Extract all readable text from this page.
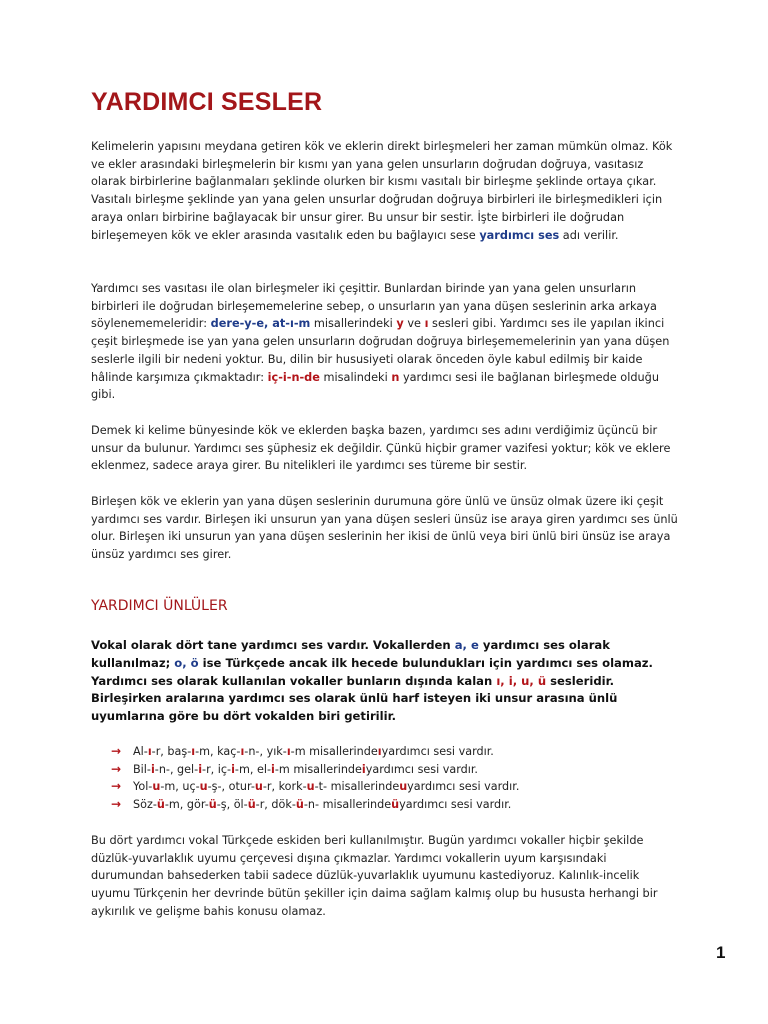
YARDIMCI SESLER

Kelimelerin yapısını meydana getiren kök ve eklerin direkt birleşmeleri her zaman mümkün olmaz. Kök ve ekler arasındaki birleşmelerin bir kısmı yan yana gelen unsurların doğrudan doğruya, vasıtasız olarak birbirlerine bağlanmaları şeklinde olurken bir kısmı vasıtalı bir birleşme şeklinde ortaya çıkar. Vasıtalı birleşme şeklinde yan yana gelen unsurlar doğrudan doğruya birbirleri ile birleşmedikleri için araya onları birbirine bağlayacak bir unsur girer. Bu unsur bir sestir. İşte birbirleri ile doğrudan birleşemeyen kök ve ekler arasında vasıtalık eden bu bağlayıcı sese yardımcı ses adı verilir.

Yardımcı ses vasıtası ile olan birleşmeler iki çeşittir. Bunlardan birinde yan yana gelen unsurların birbirleri ile doğrudan birleşememelerine sebep, o unsurların yan yana düşen seslerinin arka arkaya söylenememeleridir: dere-y-e, at-ı-m misallerindeki y ve ı sesleri gibi. Yardımcı ses ile yapılan ikinci çeşit birleşmede ise yan yana gelen unsurların doğrudan doğruya birleşememelerinin yan yana düşen seslerle ilgili bir nedeni yoktur. Bu, dilin bir hususiyeti olarak önceden öyle kabul edilmiş bir kaide hâlinde karşımıza çıkmaktadır: iç-i-n-de misalindeki n yardımcı sesi ile bağlanan birleşmede olduğu gibi.

Demek ki kelime bünyesinde kök ve eklerden başka bazen, yardımcı ses adını verdiğimiz üçüncü bir unsur da bulunur. Yardımcı ses şüphesiz ek değildir. Çünkü hiçbir gramer vazifesi yoktur; kök ve eklere eklenmez, sadece araya girer. Bu nitelikleri ile yardımcı ses türeme bir sestir.

Birleşen kök ve eklerin yan yana düşen seslerinin durumuna göre ünlü ve ünsüz olmak üzere iki çeşit yardımcı ses vardır. Birleşen iki unsurun yan yana düşen sesleri ünsüz ise araya giren yardımcı ses ünlü olur. Birleşen iki unsurun yan yana düşen seslerinin her ikisi de ünlü veya biri ünlü biri ünsüz ise araya ünsüz yardımcı ses girer.

YARDIMCI ÜNLÜLER

Vokal olarak dört tane yardımcı ses vardır. Vokallerden a, e yardımcı ses olarak kullanılmaz; o, ö ise Türkçede ancak ilk hecede bulundukları için yardımcı ses olamaz. Yardımcı ses olarak kullanılan vokaller bunların dışında kalan ı, i, u, ü sesleridir. Birleşirken aralarına yardımcı ses olarak ünlü harf isteyen iki unsur arasına ünlü uyumlarına göre bu dört vokalden biri getirilir.

→	Al- ı -r, baş- ı -m, kaç- ı -n-, yık- ı -m misallerinde ı yardımcı sesi vardır.
→	Bil- i -n-, gel- i -r, iç- i -m, el- i -m misallerinde i yardımcı sesi vardır.
→	Yol- u -m, uç- u -ş-, otur- u -r, kork- u -t- misallerinde u yardımcı sesi vardır.
→	Söz- ü -m, gör- ü -ş, öl- ü -r, dök- ü -n- misallerinde ü yardımcı sesi vardır.

Bu dört yardımcı vokal Türkçede eskiden beri kullanılmıştır. Bugün yardımcı vokaller hiçbir şekilde düzlük-yuvarlaklık uyumu çerçevesi dışına çıkmazlar. Yardımcı vokallerin uyum karşısındaki durumundan bahsederken tabii sadece düzlük-yuvarlaklık uyumunu kastediyoruz. Kalınlık-incelik uyumu Türkçenin her devrinde bütün şekiller için daima sağlam kalmış olup bu hususta herhangi bir aykırılık ve gelişme bahis konusu olamaz.

1
